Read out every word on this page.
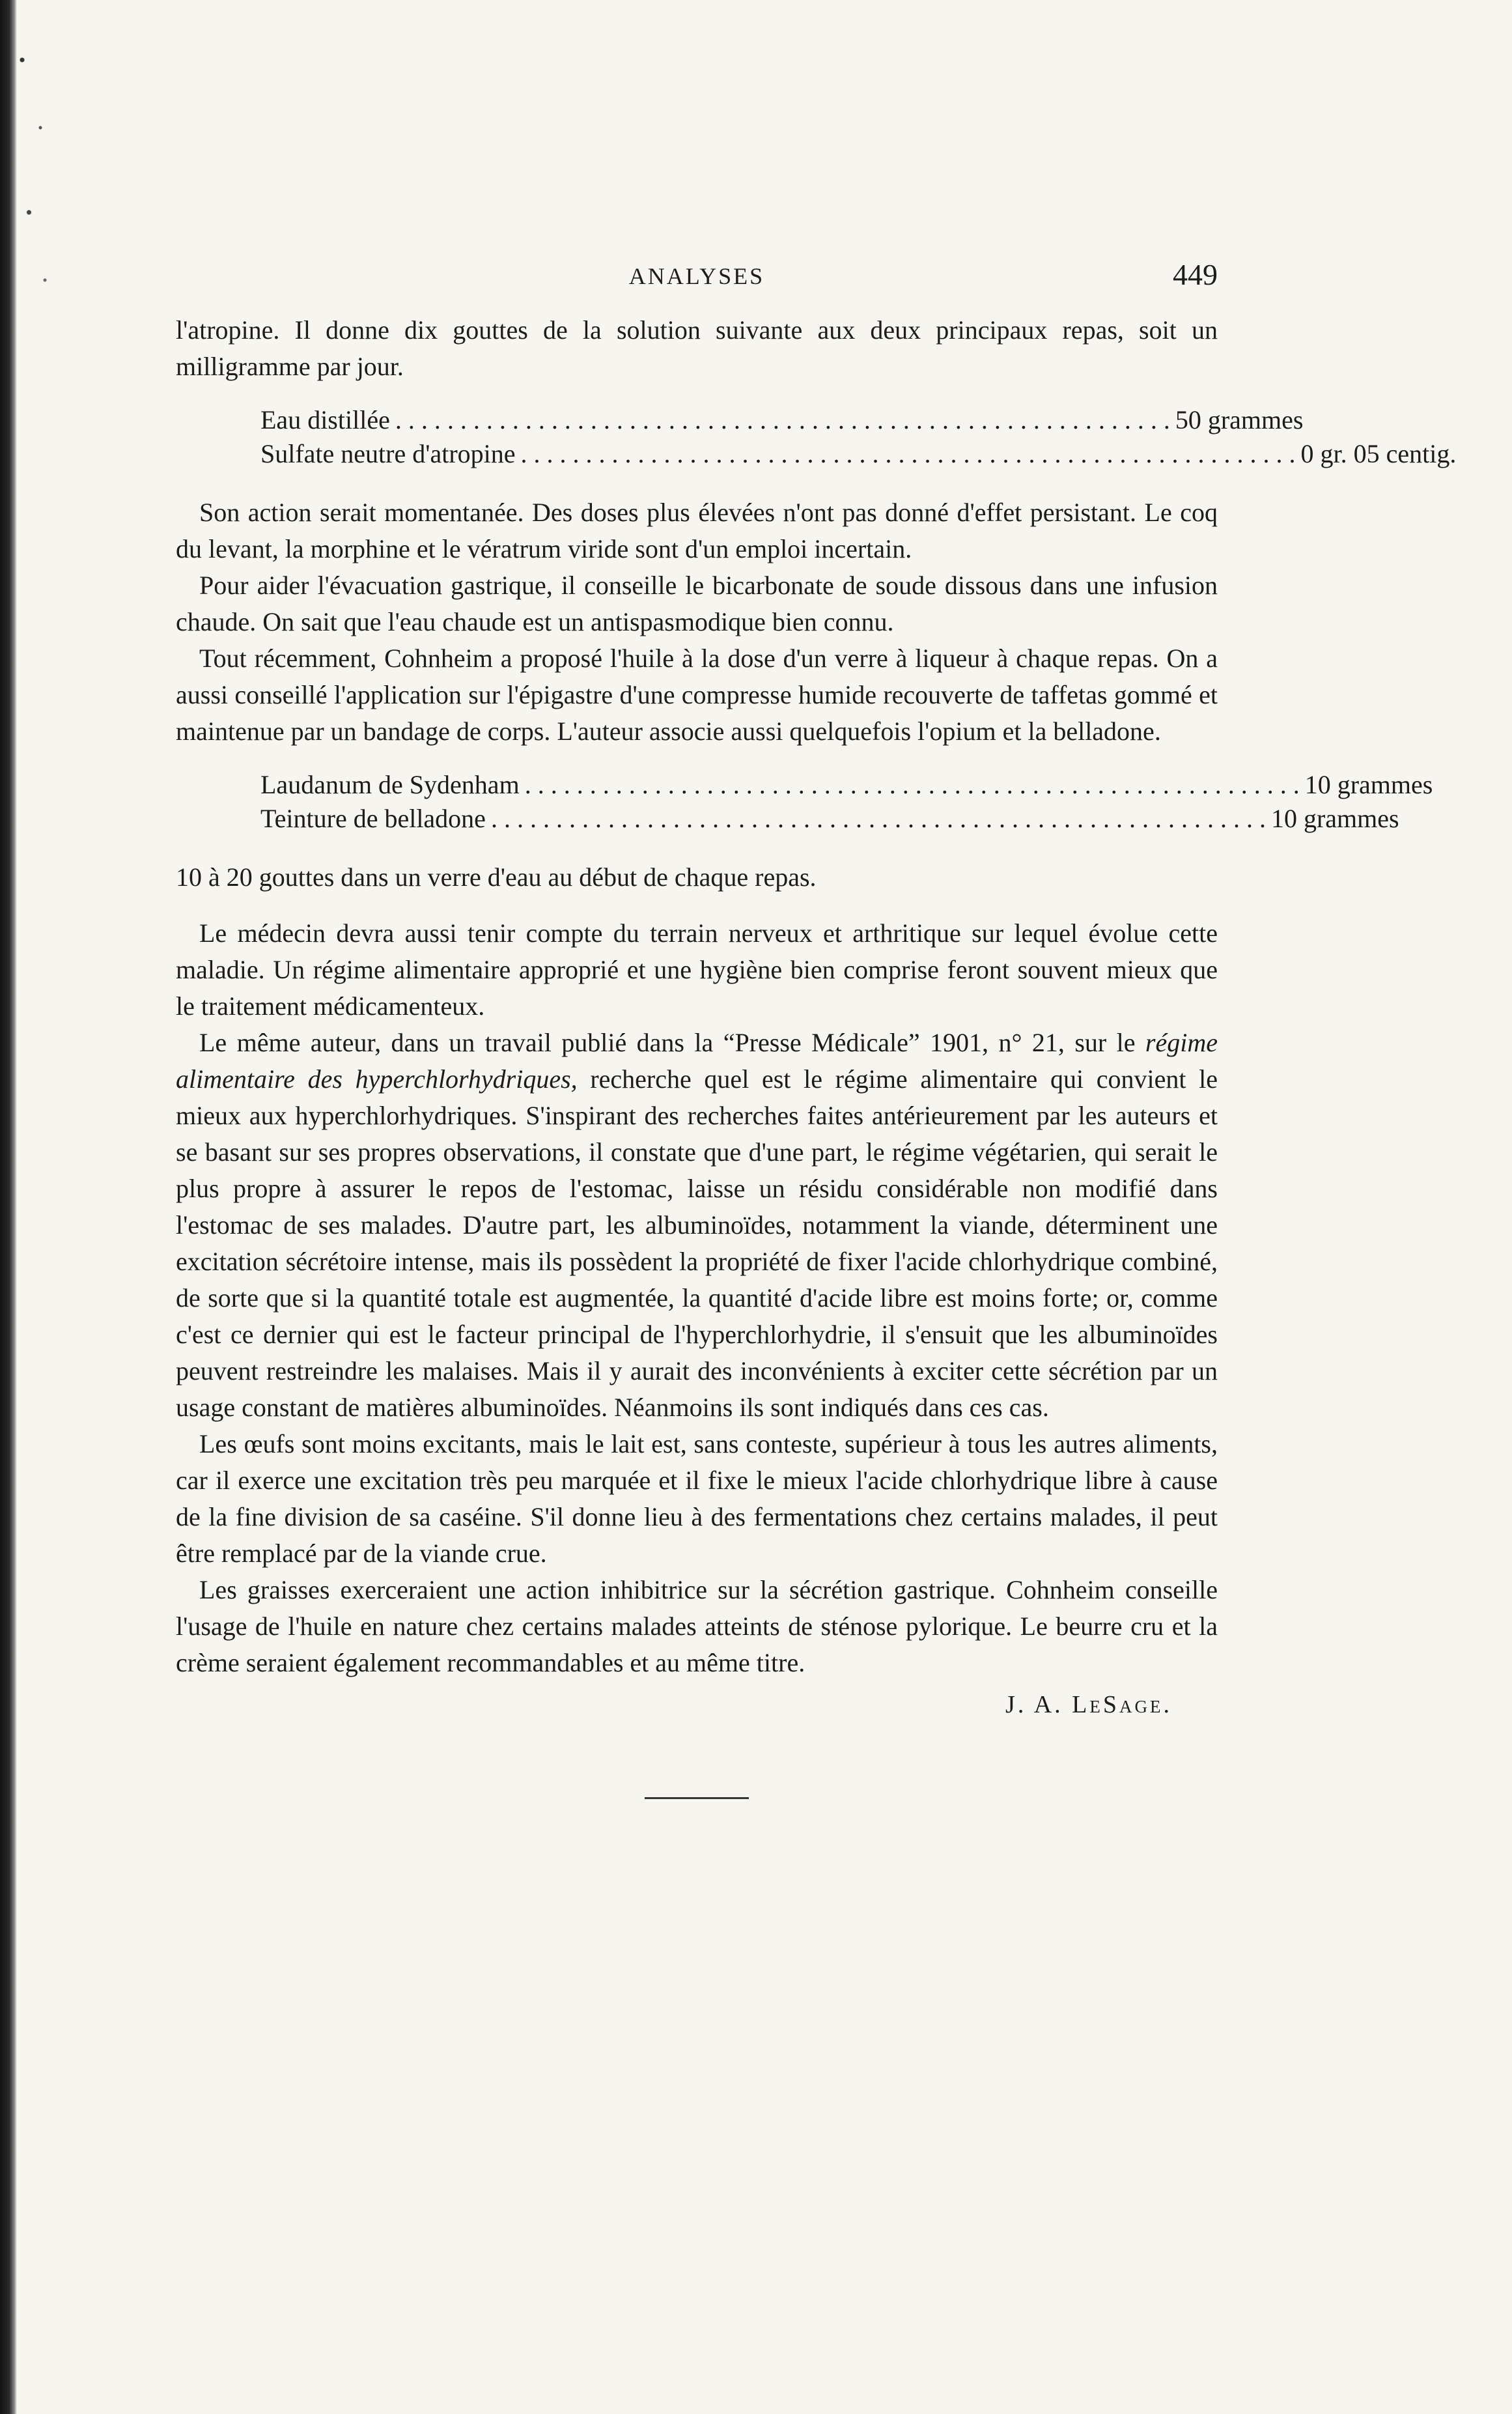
ANALYSES	449

l'atropine. Il donne dix gouttes de la solution suivante aux deux principaux repas, soit un milligramme par jour.

Eau distillée . . . . . . . . . . . . . . . . . . . . . . . . . . . . . . . . . . . . . . . . . . . . . . . . . . . . . . . . . . . . 50 grammes
Sulfate neutre d'atropine . . . . . . . . . . . . . . . . . . . . . . . . . . . . . . . . . . . . . . . . . . . . . . . . . . . . . . . . . . . . 0 gr. 05 centig.

Son action serait momentanée. Des doses plus élevées n'ont pas donné d'effet persistant. Le coq du levant, la morphine et le vératrum viride sont d'un emploi incertain.

Pour aider l'évacuation gastrique, il conseille le bicarbonate de soude dissous dans une infusion chaude. On sait que l'eau chaude est un antispasmodique bien connu.

Tout récemment, Cohnheim a proposé l'huile à la dose d'un verre à liqueur à chaque repas. On a aussi conseillé l'application sur l'épigastre d'une compresse humide recouverte de taffetas gommé et maintenue par un bandage de corps. L'auteur associe aussi quelquefois l'opium et la belladone.

Laudanum de Sydenham . . . . . . . . . . . . . . . . . . . . . . . . . . . . . . . . . . . . . . . . . . . . . . . . . . . . . . . . . . . . 10 grammes
Teinture de belladone . . . . . . . . . . . . . . . . . . . . . . . . . . . . . . . . . . . . . . . . . . . . . . . . . . . . . . . . . . . . 10 grammes
10 à 20 gouttes dans un verre d'eau au début de chaque repas.

Le médecin devra aussi tenir compte du terrain nerveux et arthritique sur lequel évolue cette maladie. Un régime alimentaire approprié et une hygiène bien comprise feront souvent mieux que le traitement médicamenteux.

Le même auteur, dans un travail publié dans la “Presse Médicale” 1901, n° 21, sur le régime alimentaire des hyperchlorhydriques, recherche quel est le régime alimentaire qui convient le mieux aux hyperchlorhydriques. S'inspirant des recherches faites antérieurement par les auteurs et se basant sur ses propres observations, il constate que d'une part, le régime végétarien, qui serait le plus propre à assurer le repos de l'estomac, laisse un résidu considérable non modifié dans l'estomac de ses malades. D'autre part, les albuminoïdes, notamment la viande, déterminent une excitation sécrétoire intense, mais ils possèdent la propriété de fixer l'acide chlorhydrique combiné, de sorte que si la quantité totale est augmentée, la quantité d'acide libre est moins forte; or, comme c'est ce dernier qui est le facteur principal de l'hyperchlorhydrie, il s'ensuit que les albuminoïdes peuvent restreindre les malaises. Mais il y aurait des inconvénients à exciter cette sécrétion par un usage constant de matières albuminoïdes. Néanmoins ils sont indiqués dans ces cas.

Les œufs sont moins excitants, mais le lait est, sans conteste, supérieur à tous les autres aliments, car il exerce une excitation très peu marquée et il fixe le mieux l'acide chlorhydrique libre à cause de la fine division de sa caséine. S'il donne lieu à des fermentations chez certains malades, il peut être remplacé par de la viande crue.

Les graisses exerceraient une action inhibitrice sur la sécrétion gastrique. Cohnheim conseille l'usage de l'huile en nature chez certains malades atteints de sténose pylorique. Le beurre cru et la crème seraient également recommandables et au même titre.

J. A. LeSage.
